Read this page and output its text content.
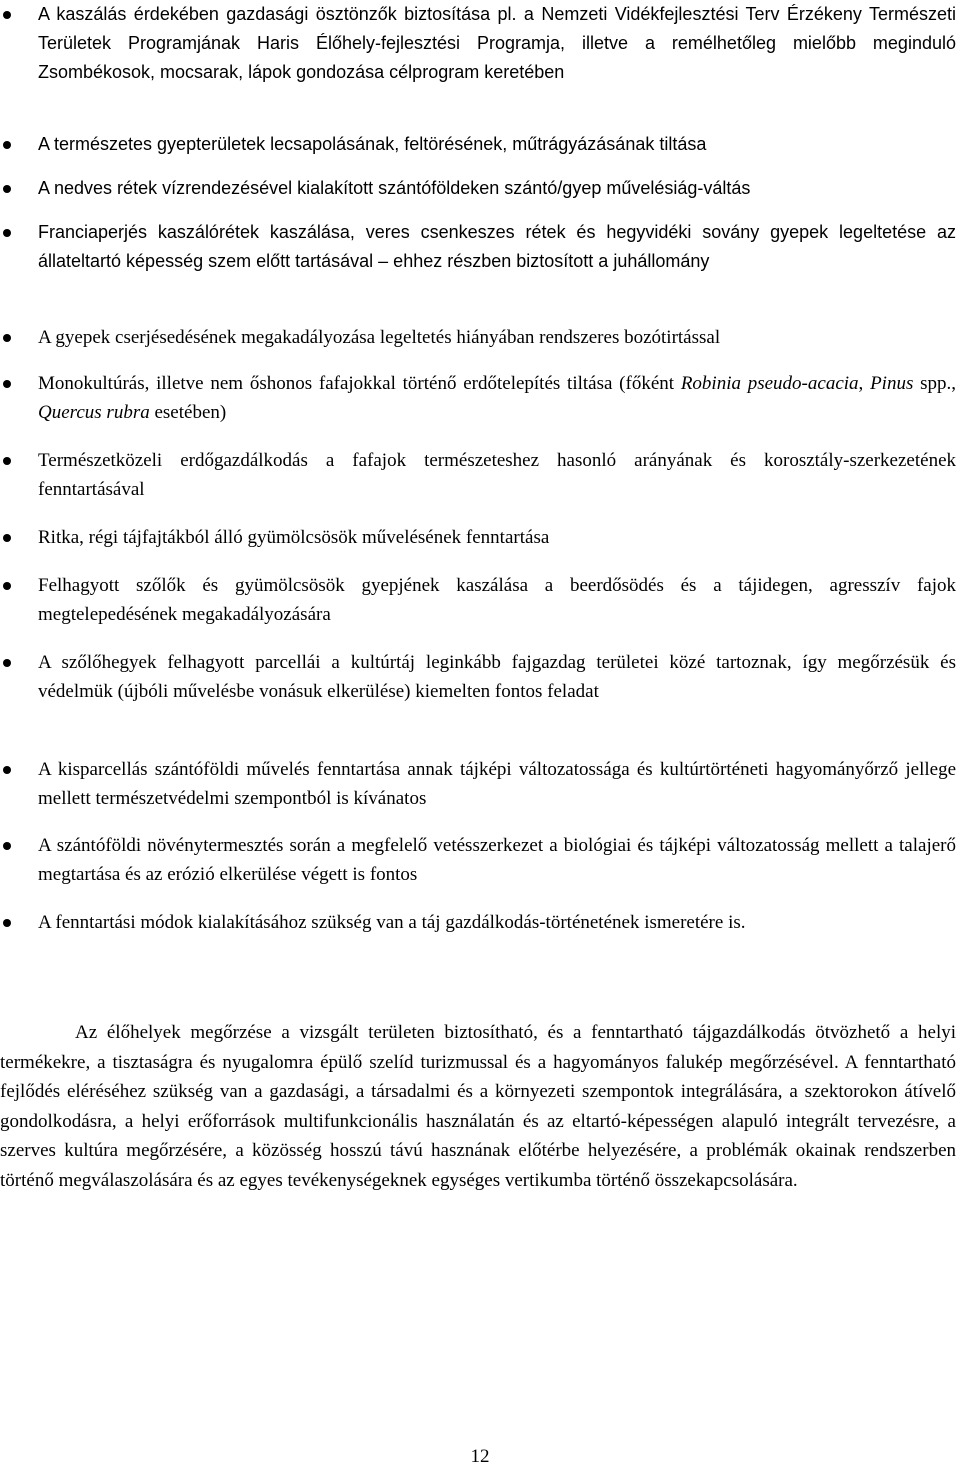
A kaszálás érdekében gazdasági ösztönzők biztosítása pl. a Nemzeti Vidékfejlesztési Terv Érzékeny Természeti Területek Programjának Haris Élőhely-fejlesztési Programja, illetve a remélhetőleg mielőbb meginduló Zsombékosok, mocsarak, lápok gondozása célprogram keretében
A természetes gyepterületek lecsapolásának, feltörésének, műtrágyázásának tiltása
A nedves rétek vízrendezésével kialakított szántóföldeken szántó/gyep művelésiág-váltás
Franciaperjés kaszálórétek kaszálása, veres csenkeszes rétek és hegyvidéki sovány gyepek legeltetése az állateltartó képesség szem előtt tartásával – ehhez részben biztosított a juhállomány
A gyepek cserjésedésének megakadályozása legeltetés hiányában rendszeres bozótirtással
Monokultúrás, illetve nem őshonos fafajokkal történő erdőtelepítés tiltása (főként Robinia pseudo-acacia, Pinus spp., Quercus rubra esetében)
Természetközeli erdőgazdálkodás a fafajok természeteshez hasonló arányának és korosztály-szerkezetének fenntartásával
Ritka, régi tájfajtákból álló gyümölcsösök művelésének fenntartása
Felhagyott szőlők és gyümölcsösök gyepjének kaszálása a beerdősödés és a tájidegen, agresszív fajok megtelepedésének megakadályozására
A szőlőhegyek felhagyott parcellái a kultúrtáj leginkább fajgazdag területei közé tartoznak, így megőrzésük és védelmük (újbóli művelésbe vonásuk elkerülése) kiemelten fontos feladat
A kisparcellás szántóföldi művelés fenntartása annak tájképi változatossága és kultúrtörténeti hagyományőrző jellege mellett természetvédelmi szempontból is kívánatos
A szántóföldi növénytermesztés során a megfelelő vetésszerkezet a biológiai és tájképi változatosság mellett a talajerő megtartása és az erózió elkerülése végett is fontos
A fenntartási módok kialakításához szükség van a táj gazdálkodás-történetének ismeretére is.

Az élőhelyek megőrzése a vizsgált területen biztosítható, és a fenntartható tájgazdálkodás ötvözhető a helyi termékekre, a tisztaságra és nyugalomra épülő szelíd turizmussal és a hagyományos falukép megőrzésével. A fenntartható fejlődés eléréséhez szükség van a gazdasági, a társadalmi és a környezeti szempontok integrálására, a szektorokon átívelő gondolkodásra, a helyi erőforrások multifunkcionális használatán és az eltartó-képességen alapuló integrált tervezésre, a szerves kultúra megőrzésére, a közösség hosszú távú hasznának előtérbe helyezésére, a problémák okainak rendszerben történő megválaszolására és az egyes tevékenységeknek egységes vertikumba történő összekapcsolására.

12
